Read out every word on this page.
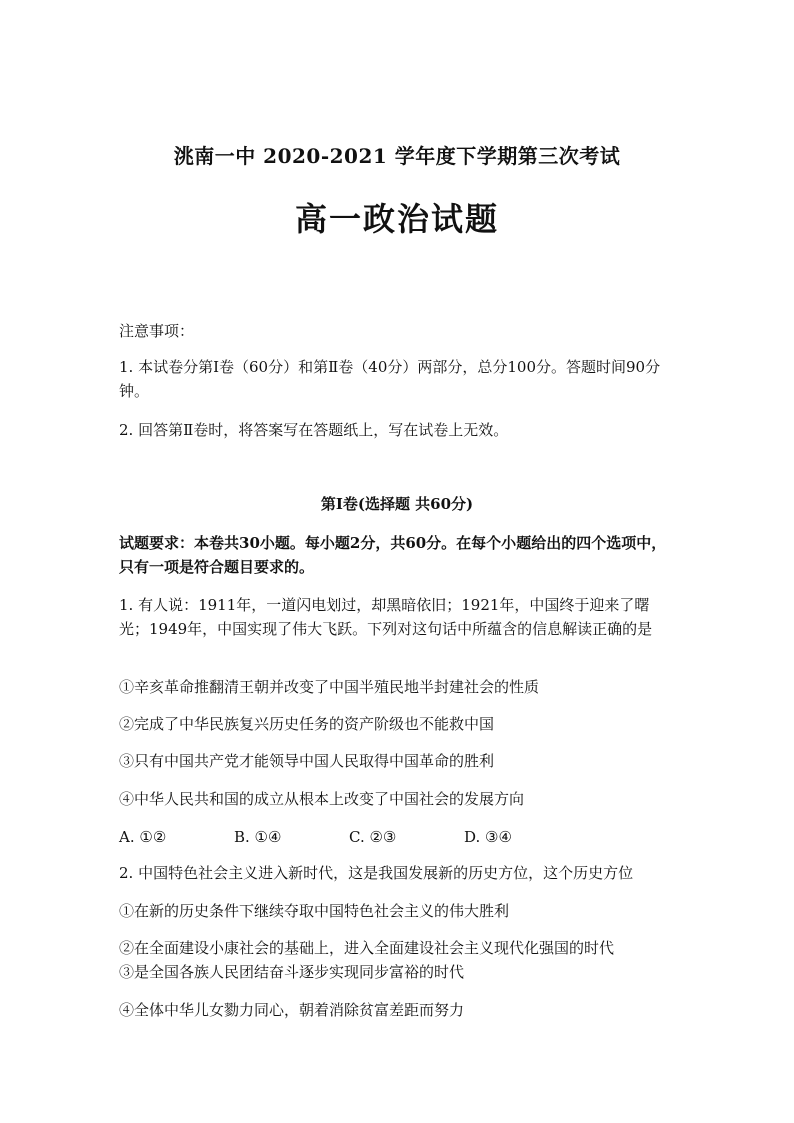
洮南一中 2020-2021 学年度下学期第三次考试
高一政治试题
注意事项：
1. 本试卷分第Ⅰ卷（60分）和第Ⅱ卷（40分）两部分，总分100分。答题时间90分钟。
2. 回答第Ⅱ卷时，将答案写在答题纸上，写在试卷上无效。
第Ⅰ卷(选择题 共60分)
试题要求：本卷共30小题。每小题2分，共60分。在每个小题给出的四个选项中，只有一项是符合题目要求的。
1. 有人说：1911年，一道闪电划过，却黑暗依旧；1921年，中国终于迎来了曙光；1949年，中国实现了伟大飞跃。下列对这句话中所蕴含的信息解读正确的是
①辛亥革命推翻清王朝并改变了中国半殖民地半封建社会的性质
②完成了中华民族复兴历史任务的资产阶级也不能救中国
③只有中国共产党才能领导中国人民取得中国革命的胜利
④中华人民共和国的成立从根本上改变了中国社会的发展方向
A. ①②	B. ①④	C. ②③	D. ③④
2. 中国特色社会主义进入新时代，这是我国发展新的历史方位，这个历史方位
①在新的历史条件下继续夺取中国特色社会主义的伟大胜利
②在全面建设小康社会的基础上，进入全面建设社会主义现代化强国的时代
③是全国各族人民团结奋斗逐步实现同步富裕的时代
④全体中华儿女勠力同心，朝着消除贫富差距而努力
